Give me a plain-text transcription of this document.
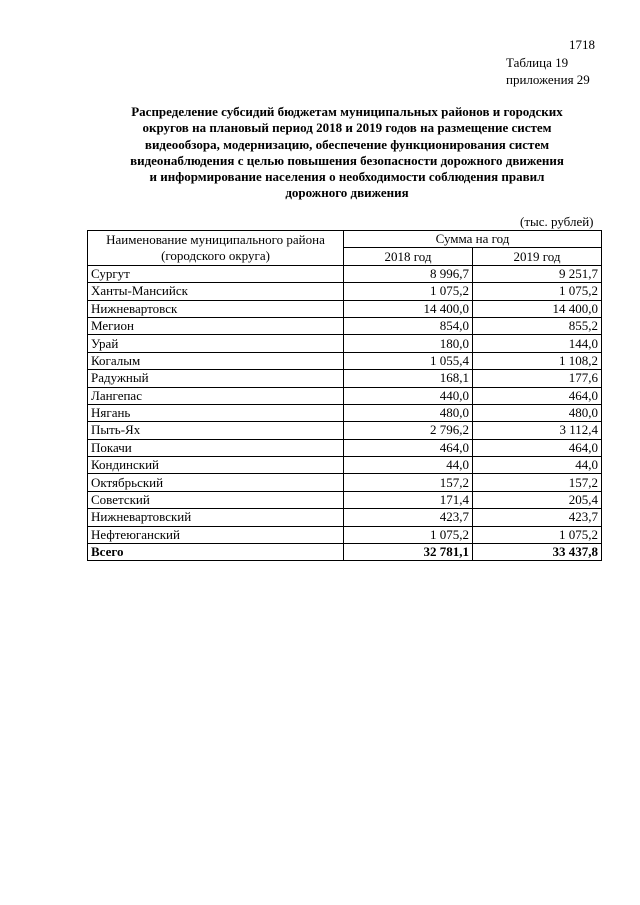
1718
Таблица 19
приложения 29
Распределение субсидий бюджетам муниципальных районов и городских
округов на плановый период 2018 и 2019 годов на размещение систем
видеообзора, модернизацию, обеспечение функционирования систем
видеонаблюдения с целью повышения безопасности дорожного движения
и информирование населения о необходимости соблюдения правил
дорожного движения
(тыс. рублей)
Наименование муниципального района
(городского округа)	Сумма на год	
	2018 год	2019 год
Сургут	8 996,7	9 251,7
Ханты-Мансийск	1 075,2	1 075,2
Нижневартовск	14 400,0	14 400,0
Мегион	854,0	855,2
Урай	180,0	144,0
Когалым	1 055,4	1 108,2
Радужный	168,1	177,6
Лангепас	440,0	464,0
Нягань	480,0	480,0
Пыть-Ях	2 796,2	3 112,4
Покачи	464,0	464,0
Кондинский	44,0	44,0
Октябрьский	157,2	157,2
Советский	171,4	205,4
Нижневартовский	423,7	423,7
Нефтеюганский	1 075,2	1 075,2
Всего	32 781,1	33 437,8
